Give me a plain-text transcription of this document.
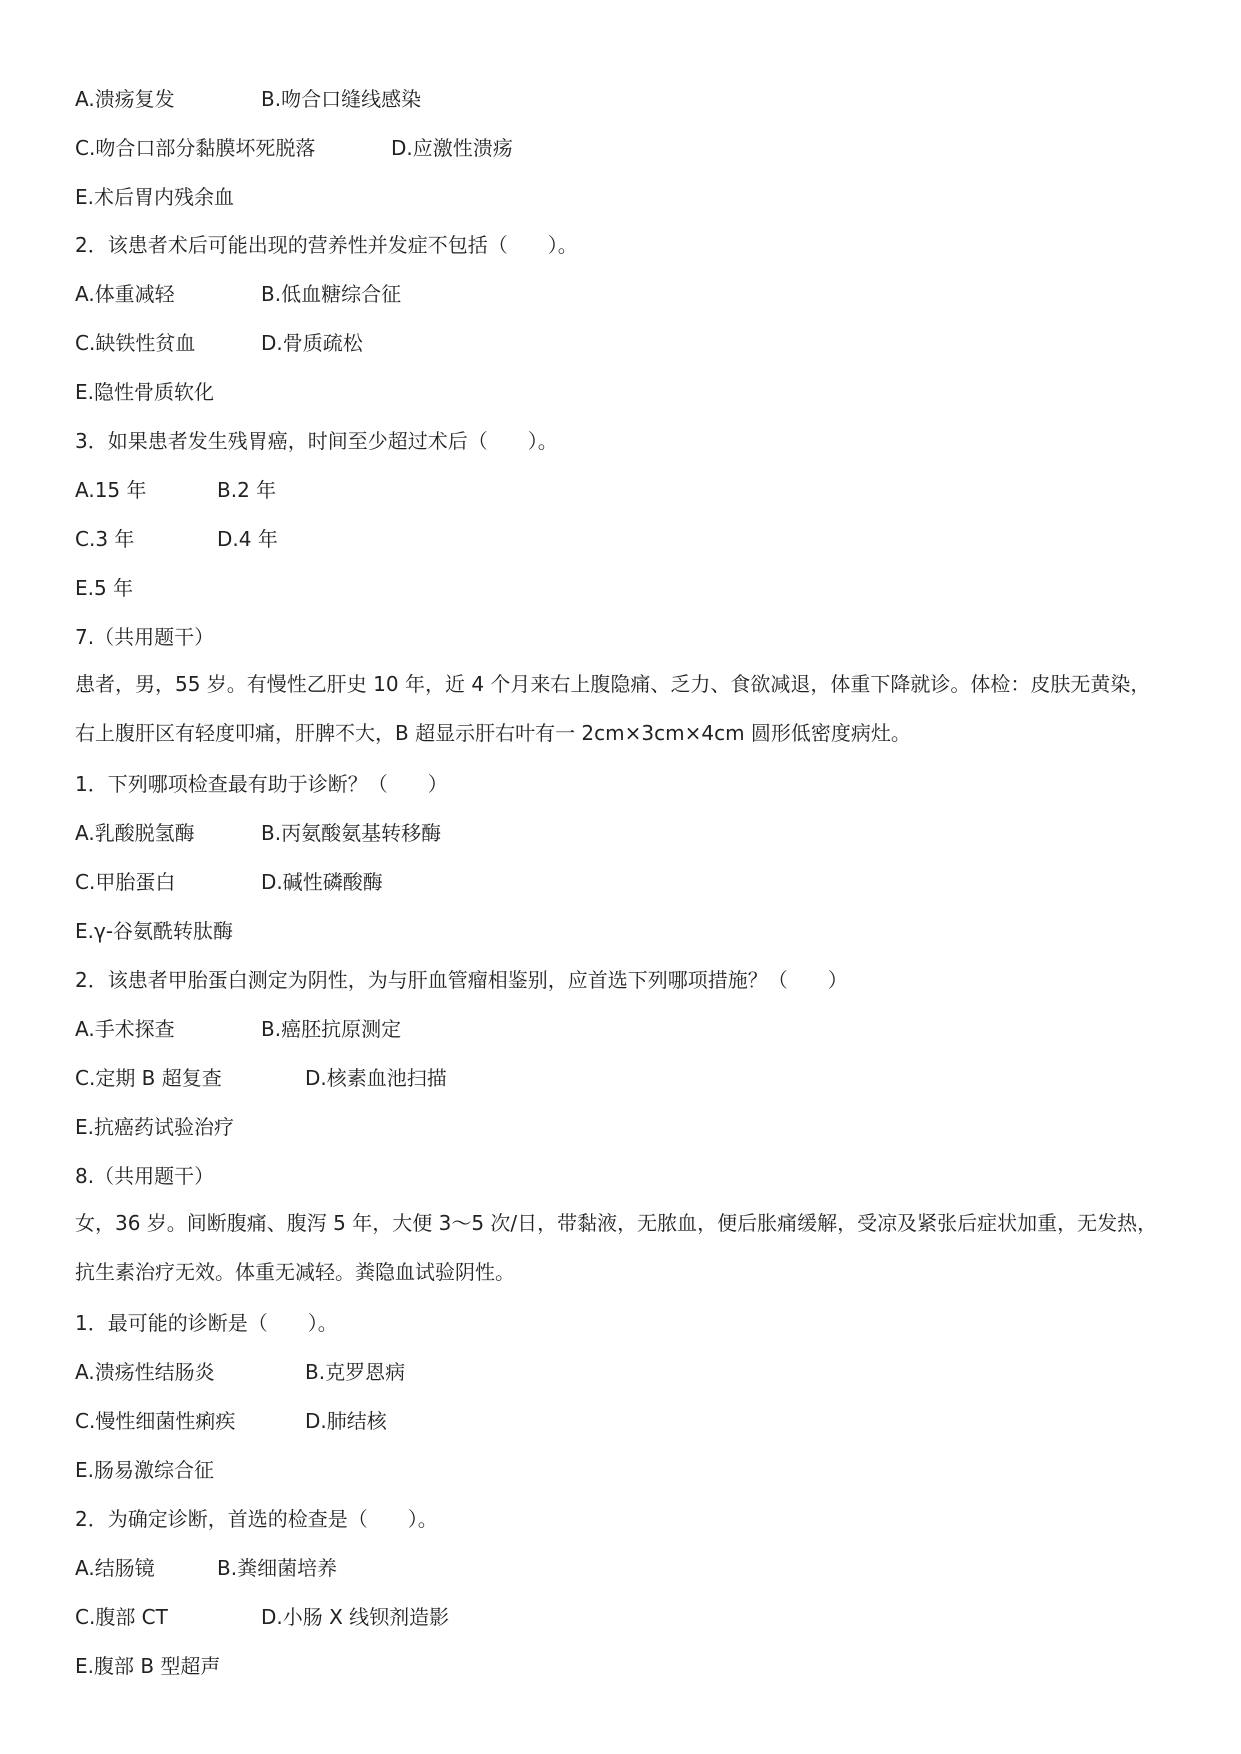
A.溃疡复发	B.吻合口缝线感染

C.吻合口部分黏膜坏死脱落	D.应激性溃疡

E.术后胃内残余血

2．该患者术后可能出现的营养性并发症不包括（　　）。

A.体重减轻	B.低血糖综合征

C.缺铁性贫血	D.骨质疏松

E.隐性骨质软化

3．如果患者发生残胃癌，时间至少超过术后（　　）。

A.15 年	B.2 年

C.3 年	D.4 年

E.5 年

7.（共用题干）

患者，男，55 岁。有慢性乙肝史 10 年，近 4 个月来右上腹隐痛、乏力、食欲减退，体重下降就诊。体检：皮肤无黄染，右上腹肝区有轻度叩痛，肝脾不大，B 超显示肝右叶有一 2cm×3cm×4cm 圆形低密度病灶。

1．下列哪项检查最有助于诊断？（　　）

A.乳酸脱氢酶	B.丙氨酸氨基转移酶

C.甲胎蛋白	D.碱性磷酸酶

E.γ-谷氨酰转肽酶

2．该患者甲胎蛋白测定为阴性，为与肝血管瘤相鉴别，应首选下列哪项措施？（　　）

A.手术探查	B.癌胚抗原测定

C.定期 B 超复查	D.核素血池扫描

E.抗癌药试验治疗

8.（共用题干）

女，36 岁。间断腹痛、腹泻 5 年，大便 3～5 次/日，带黏液，无脓血，便后胀痛缓解，受凉及紧张后症状加重，无发热，抗生素治疗无效。体重无减轻。粪隐血试验阴性。

1．最可能的诊断是（　　）。

A.溃疡性结肠炎	B.克罗恩病

C.慢性细菌性痢疾	D.肺结核

E.肠易激综合征

2．为确定诊断，首选的检查是（　　）。

A.结肠镜	B.粪细菌培养

C.腹部 CT	D.小肠 X 线钡剂造影

E.腹部 B 型超声
